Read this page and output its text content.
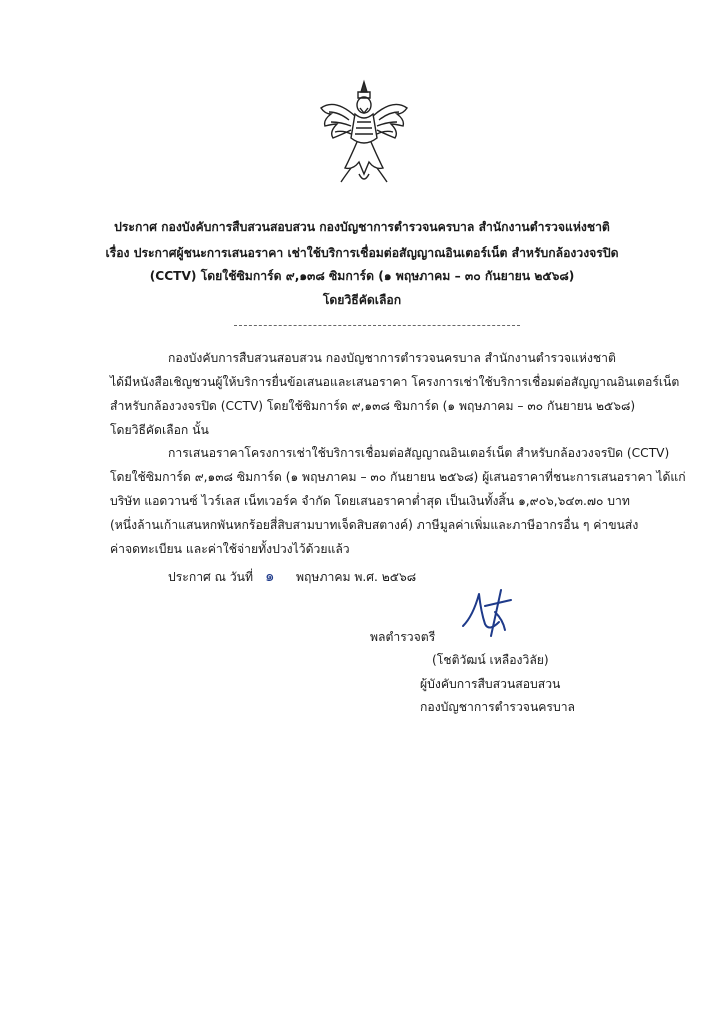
ประกาศ กองบังคับการสืบสวนสอบสวน กองบัญชาการตำรวจนครบาล สำนักงานตำรวจแห่งชาติ
เรื่อง ประกาศผู้ชนะการเสนอราคา เช่าใช้บริการเชื่อมต่อสัญญาณอินเตอร์เน็ต สำหรับกล้องวงจรปิด
(CCTV) โดยใช้ซิมการ์ด ๙,๑๓๘ ซิมการ์ด (๑ พฤษภาคม – ๓๐ กันยายน ๒๕๖๘)
โดยวิธีคัดเลือก
กองบังคับการสืบสวนสอบสวน กองบัญชาการตำรวจนครบาล สำนักงานตำรวจแห่งชาติ
ได้มีหนังสือเชิญชวนผู้ให้บริการยื่นข้อเสนอและเสนอราคา โครงการเช่าใช้บริการเชื่อมต่อสัญญาณอินเตอร์เน็ต
สำหรับกล้องวงจรปิด (CCTV) โดยใช้ซิมการ์ด ๙,๑๓๘ ซิมการ์ด (๑ พฤษภาคม – ๓๐ กันยายน ๒๕๖๘)
โดยวิธีคัดเลือก นั้น
การเสนอราคาโครงการเช่าใช้บริการเชื่อมต่อสัญญาณอินเตอร์เน็ต สำหรับกล้องวงจรปิด (CCTV)
โดยใช้ซิมการ์ด ๙,๑๓๘ ซิมการ์ด (๑ พฤษภาคม – ๓๐ กันยายน ๒๕๖๘) ผู้เสนอราคาที่ชนะการเสนอราคา ได้แก่
บริษัท แอดวานซ์ ไวร์เลส เน็ทเวอร์ค จำกัด โดยเสนอราคาต่ำสุด เป็นเงินทั้งสิ้น ๑,๙๐๖,๖๔๓.๗๐ บาท
(หนึ่งล้านเก้าแสนหกพันหกร้อยสี่สิบสามบาทเจ็ดสิบสตางค์) ภาษีมูลค่าเพิ่มและภาษีอากรอื่น ๆ ค่าขนส่ง
ค่าจดทะเบียน และค่าใช้จ่ายทั้งปวงไว้ด้วยแล้ว
ประกาศ ณ วันที่ ๑ พฤษภาคม พ.ศ. ๒๕๖๘
พลตำรวจตรี
(โชติวัฒน์ เหลืองวิลัย)
ผู้บังคับการสืบสวนสอบสวน
กองบัญชาการตำรวจนครบาล
